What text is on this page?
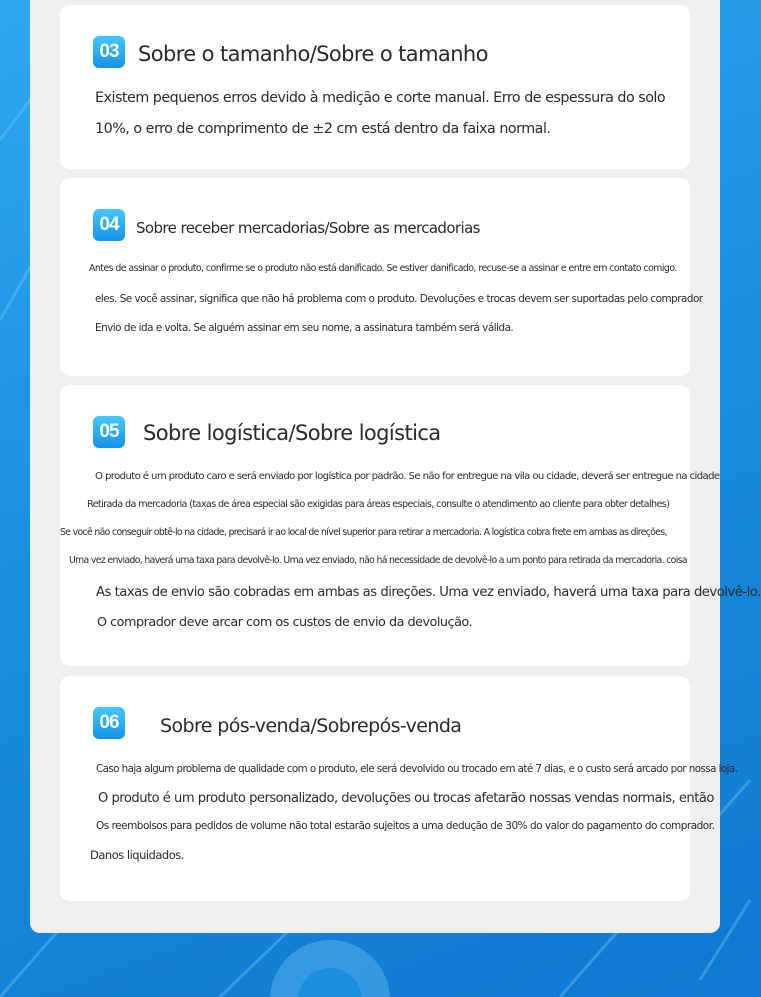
03 Sobre o tamanho/Sobre o tamanho
Existem pequenos erros devido à medição e corte manual. Erro de espessura do solo
10%, o erro de comprimento de ±2 cm está dentro da faixa normal.
04	Sobre receber mercadorias/Sobre as mercadorias
Antes de assinar o produto, confirme se o produto não está danificado. Se estiver danificado, recuse-se a assinar e entre em contato comigo.
eles. Se você assinar, significa que não há problema com o produto. Devoluções e trocas devem ser suportadas pelo comprador
Envio de ida e volta. Se alguém assinar em seu nome, a assinatura também será válida.
05	Sobre logística/Sobre logística
O produto é um produto caro e será enviado por logística por padrão. Se não for entregue na vila ou cidade, deverá ser entregue na cidade
Retirada da mercadoria (taxas de área especial são exigidas para áreas especiais, consulte o atendimento ao cliente para obter detalhes)
Se você não conseguir obtê-lo na cidade, precisará ir ao local de nível superior para retirar a mercadoria. A logística cobra frete em ambas as direções,
Uma vez enviado, haverá uma taxa para devolvê-lo. Uma vez enviado, não há necessidade de devolvê-lo a um ponto para retirada da mercadoria. coisa
As taxas de envio são cobradas em ambas as direções. Uma vez enviado, haverá uma taxa para devolvê-lo.
O comprador deve arcar com os custos de envio da devolução.
06	Sobre pós-venda/Sobrepós-venda
Caso haja algum problema de qualidade com o produto, ele será devolvido ou trocado em até 7 dias, e o custo será arcado por nossa loja.
O produto é um produto personalizado, devoluções ou trocas afetarão nossas vendas normais, então
Os reembolsos para pedidos de volume não total estarão sujeitos a uma dedução de 30% do valor do pagamento do comprador.
Danos liquidados.
